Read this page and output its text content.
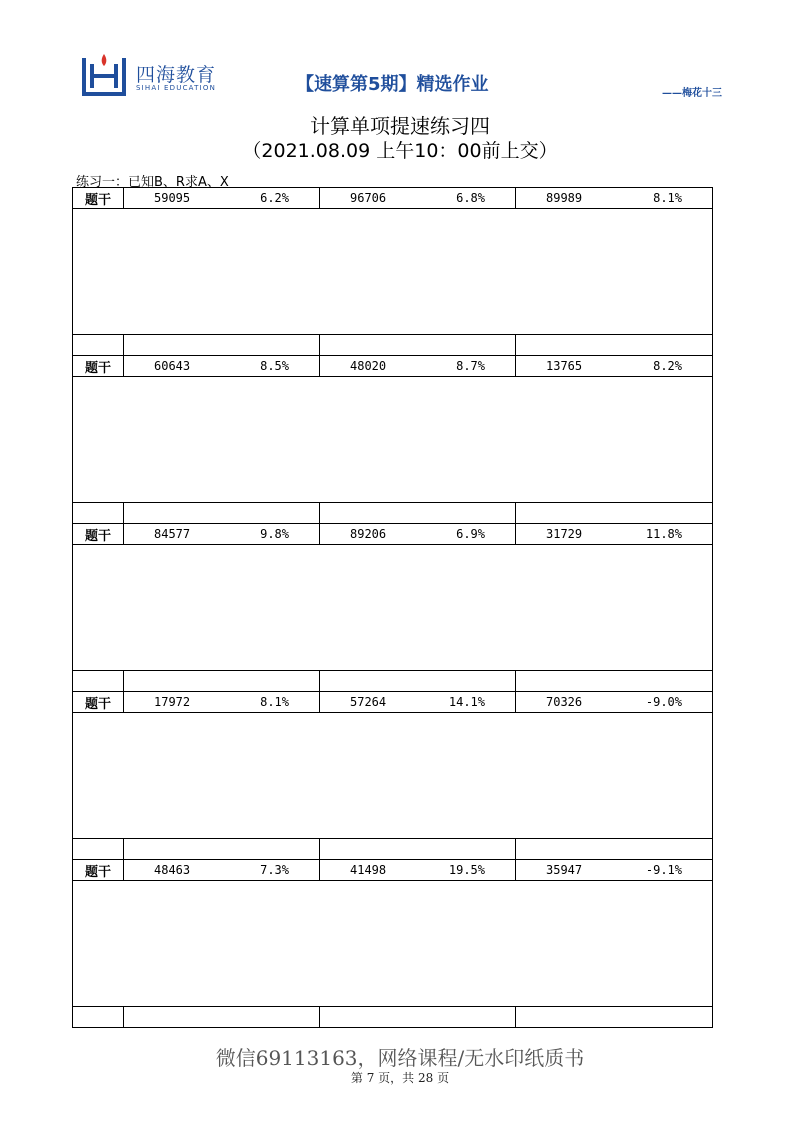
四海教育
SIHAI EDUCATION	【速算第5期】精选作业	——梅花十三
计算单项提速练习四
（2021.08.09 上午10：00前上交）
练习一：已知B、R求A、X
题干	59095	6.2%	96706	6.8%	89989	8.1%
题干	60643	8.5%	48020	8.7%	13765	8.2%
题干	84577	9.8%	89206	6.9%	31729	11.8%
题干	17972	8.1%	57264	14.1%	70326	-9.0%
题干	48463	7.3%	41498	19.5%	35947	-9.1%
微信69113163，网络课程/无水印纸质书
第 7 页，共 28 页
